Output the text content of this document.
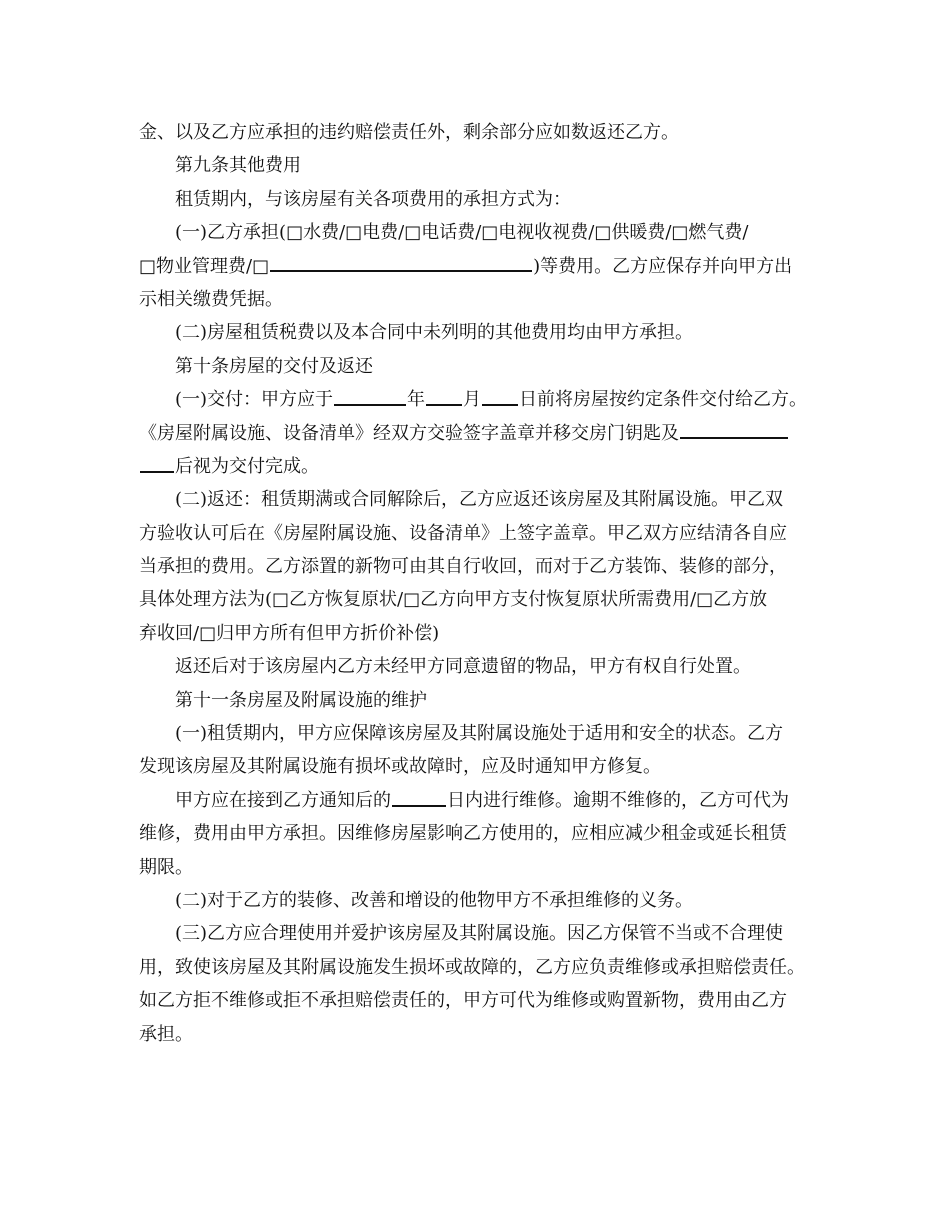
金、以及乙方应承担的违约赔偿责任外，剩余部分应如数返还乙方。
第九条其他费用
租赁期内，与该房屋有关各项费用的承担方式为：
(一)乙方承担(□水费/□电费/□电话费/□电视收视费/□供暖费/□燃气费/
□物业管理费/□	)等费用。乙方应保存并向甲方出
示相关缴费凭据。
(二)房屋租赁税费以及本合同中未列明的其他费用均由甲方承担。
第十条房屋的交付及返还
(一)交付：甲方应于	年 月 日前将房屋按约定条件交付给乙方。
《房屋附属设施、设备清单》经双方交验签字盖章并移交房门钥匙及
后视为交付完成。
(二)返还：租赁期满或合同解除后，乙方应返还该房屋及其附属设施。甲乙双
方验收认可后在《房屋附属设施、设备清单》上签字盖章。甲乙双方应结清各自应
当承担的费用。乙方添置的新物可由其自行收回，而对于乙方装饰、装修的部分，
具体处理方法为(□乙方恢复原状/□乙方向甲方支付恢复原状所需费用/□乙方放
弃收回/□归甲方所有但甲方折价补偿)
返还后对于该房屋内乙方未经甲方同意遗留的物品，甲方有权自行处置。
第十一条房屋及附属设施的维护
(一)租赁期内，甲方应保障该房屋及其附属设施处于适用和安全的状态。乙方
发现该房屋及其附属设施有损坏或故障时，应及时通知甲方修复。
甲方应在接到乙方通知后的	日内进行维修。逾期不维修的，乙方可代为
维修，费用由甲方承担。因维修房屋影响乙方使用的，应相应减少租金或延长租赁
期限。
(二)对于乙方的装修、改善和增设的他物甲方不承担维修的义务。
(三)乙方应合理使用并爱护该房屋及其附属设施。因乙方保管不当或不合理使
用，致使该房屋及其附属设施发生损坏或故障的，乙方应负责维修或承担赔偿责任。
如乙方拒不维修或拒不承担赔偿责任的，甲方可代为维修或购置新物，费用由乙方
承担。
